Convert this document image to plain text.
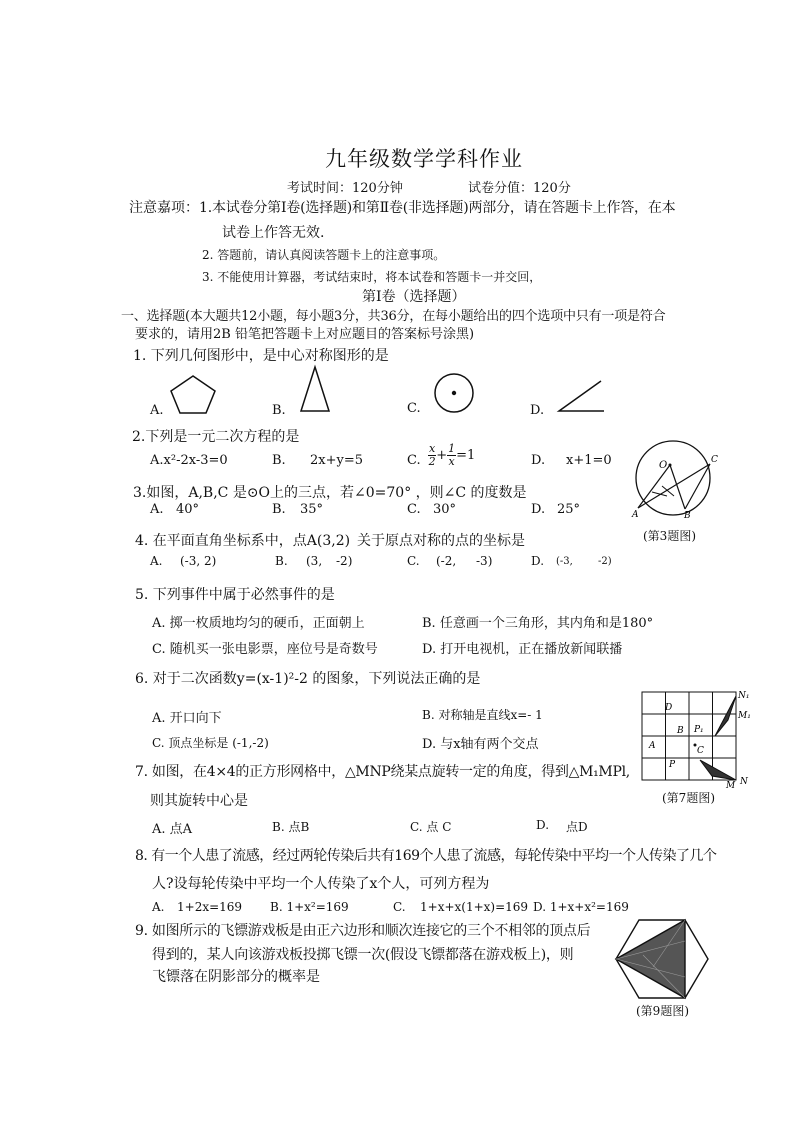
九年级数学学科作业
考试时间：120分钟	试卷分值：120分
注意嘉项： 1.本试卷分第Ⅰ卷(选择题)和第Ⅱ卷(非选择题)两部分，请在答题卡上作答，在本
试卷上作答无效.
2. 答题前，请认真阅读答题卡上的注意事项。
3. 不能使用计算器，考试结束时，将本试卷和答题卡一并交回，
第Ⅰ卷（选择题）
一、选择题(本大题共12小题，每小题3分，共36分，在每小题给出的四个选项中只有一项是符合
要求的，请用2B 铅笔把答题卡上对应题目的答案标号涂黑)
1. 下列几何图形中，是中心对称图形的是
A.	B.	C.	D.
2.下列是一元二次方程的是
A.x²-2x-3=0	B. 2x+y=5	C. $\frac{x}{2} + \frac{1}{x} =1$	D. x+1=0	O
A	B
C
(第3题图)
3.如图，A,B,C 是⊙O上的三点，若∠0=70° ，则∠C 的度数是
A. 40°	B. 35°	C. 30°	D. 25°
4. 在平面直角坐标系中，点A(3,2) 关于原点对称的点的坐标是
A. (-3, 2)	B. (3, -2)	C. (-2, -3)	D. (-3,	-2)
5. 下列事件中属于必然事件的是
A. 掷一枚质地均匀的硬币，正面朝上	B. 任意画一个三角形，其内角和是180°
C. 随机买一张电影票，座位号是奇数号	D. 打开电视机，正在播放新闻联播
6. 对于二次函数y=(x-1)²-2 的图象，下列说法正确的是
A. 开口向下	B. 对称轴是直线x=- 1
C. 顶点坐标是 (-1,-2)	D. 与x轴有两个交点
N₁
M₁
D
B P₁
A	C
P
M N
(第7题图)
7. 如图，在4×4的正方形网格中，△MNP绕某点旋转一定的角度，得到△M₁MPl,
则其旋转中心是
A. 点A	B. 点B	C. 点 C	D. 点D
8. 有一个人患了流感，经过两轮传染后共有169个人患了流感，每轮传染中平均一个人传染了几个
人?设每轮传染中平均一个人传染了x个人，可列方程为
A. 1+2x=169 B. 1+x²=169	C. 1+x+x(1+x)=169 D. 1+x+x²=169
(第9题图)
9. 如图所示的飞镖游戏板是由正六边形和顺次连接它的三个不相邻的顶点后
得到的，某人向该游戏板投掷飞镖一次(假设飞镖都落在游戏板上)，则
飞镖落在阴影部分的概率是
